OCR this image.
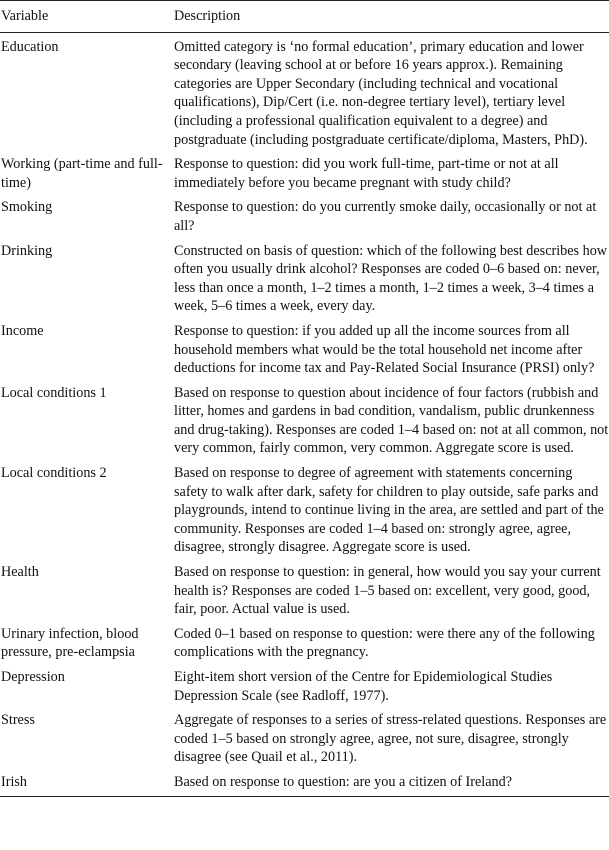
Variable	Description
Education	Omitted category is ‘no formal education’, primary education and lower secondary (leaving school at or before 16 years approx.). Remaining categories are Upper Secondary (including technical and vocational qualifications), Dip/Cert (i.e. non-degree tertiary level), tertiary level (including a professional qualification equivalent to a degree) and postgraduate (including postgraduate certificate/diploma, Masters, PhD).
Working (part-time and full-time)	Response to question: did you work full-time, part-time or not at all immediately before you became pregnant with study child?
Smoking	Response to question: do you currently smoke daily, occasionally or not at all?
Drinking	Constructed on basis of question: which of the following best describes how often you usually drink alcohol? Responses are coded 0–6 based on: never, less than once a month, 1–2 times a month, 1–2 times a week, 3–4 times a week, 5–6 times a week, every day.
Income	Response to question: if you added up all the income sources from all household members what would be the total household net income after deductions for income tax and Pay-Related Social Insurance (PRSI) only?
Local conditions 1	Based on response to question about incidence of four factors (rubbish and litter, homes and gardens in bad condition, vandalism, public drunkenness and drug-taking). Responses are coded 1–4 based on: not at all common, not very common, fairly common, very common. Aggregate score is used.
Local conditions 2	Based on response to degree of agreement with statements concerning safety to walk after dark, safety for children to play outside, safe parks and playgrounds, intend to continue living in the area, are settled and part of the community. Responses are coded 1–4 based on: strongly agree, agree, disagree, strongly disagree. Aggregate score is used.
Health	Based on response to question: in general, how would you say your current health is? Responses are coded 1–5 based on: excellent, very good, good, fair, poor. Actual value is used.
Urinary infection, blood pressure, pre-eclampsia	Coded 0–1 based on response to question: were there any of the following complications with the pregnancy.
Depression	Eight-item short version of the Centre for Epidemiological Studies Depression Scale (see Radloff, 1977).
Stress	Aggregate of responses to a series of stress-related questions. Responses are coded 1–5 based on strongly agree, agree, not sure, disagree, strongly disagree (see Quail et al., 2011).
Irish	Based on response to question: are you a citizen of Ireland?
